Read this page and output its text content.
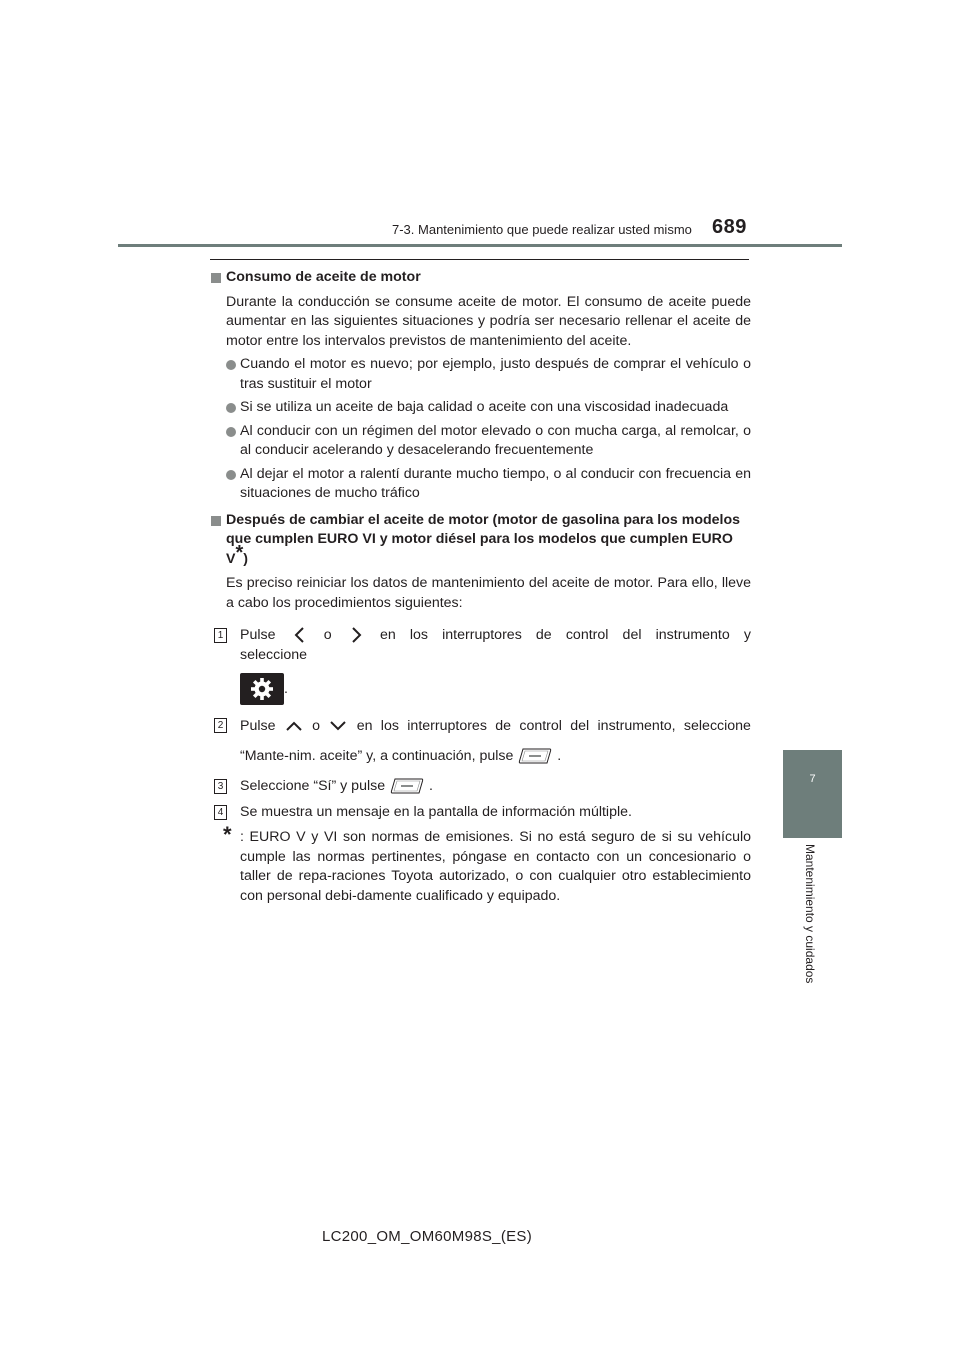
7-3. Mantenimiento que puede realizar usted mismo	689
7
Mantenimiento y cuidados
Consumo de aceite de motor
Durante la conducción se consume aceite de motor. El consumo de aceite puede aumentar en las siguientes situaciones y podría ser necesario rellenar el aceite de motor entre los intervalos previstos de mantenimiento del aceite.
Cuando el motor es nuevo; por ejemplo, justo después de comprar el vehículo o tras sustituir el motor
Si se utiliza un aceite de baja calidad o aceite con una viscosidad inadecuada
Al conducir con un régimen del motor elevado o con mucha carga, al remolcar, o al conducir acelerando y desacelerando frecuentemente
Al dejar el motor a ralentí durante mucho tiempo, o al conducir con frecuencia en situaciones de mucho tráfico
Después de cambiar el aceite de motor (motor de gasolina para los modelos que cumplen EURO VI y motor diésel para los modelos que cumplen EURO V*)
Es preciso reiniciar los datos de mantenimiento del aceite de motor. Para ello, lleve a cabo los procedimientos siguientes:
1 Pulse	o	en los interruptores de control del instrumento y seleccione
.
2 Pulse	o	en los interruptores de control del instrumento, seleccione “Mante-nim. aceite” y, a continuación, pulse	.
3 Seleccione “Sí” y pulse	.
4 Se muestra un mensaje en la pantalla de información múltiple.
* : EURO V y VI son normas de emisiones. Si no está seguro de si su vehículo cumple las normas pertinentes, póngase en contacto con un concesionario o taller de repa-raciones Toyota autorizado, o con cualquier otro establecimiento con personal debi-damente cualificado y equipado.
LC200_OM_OM60M98S_(ES)
